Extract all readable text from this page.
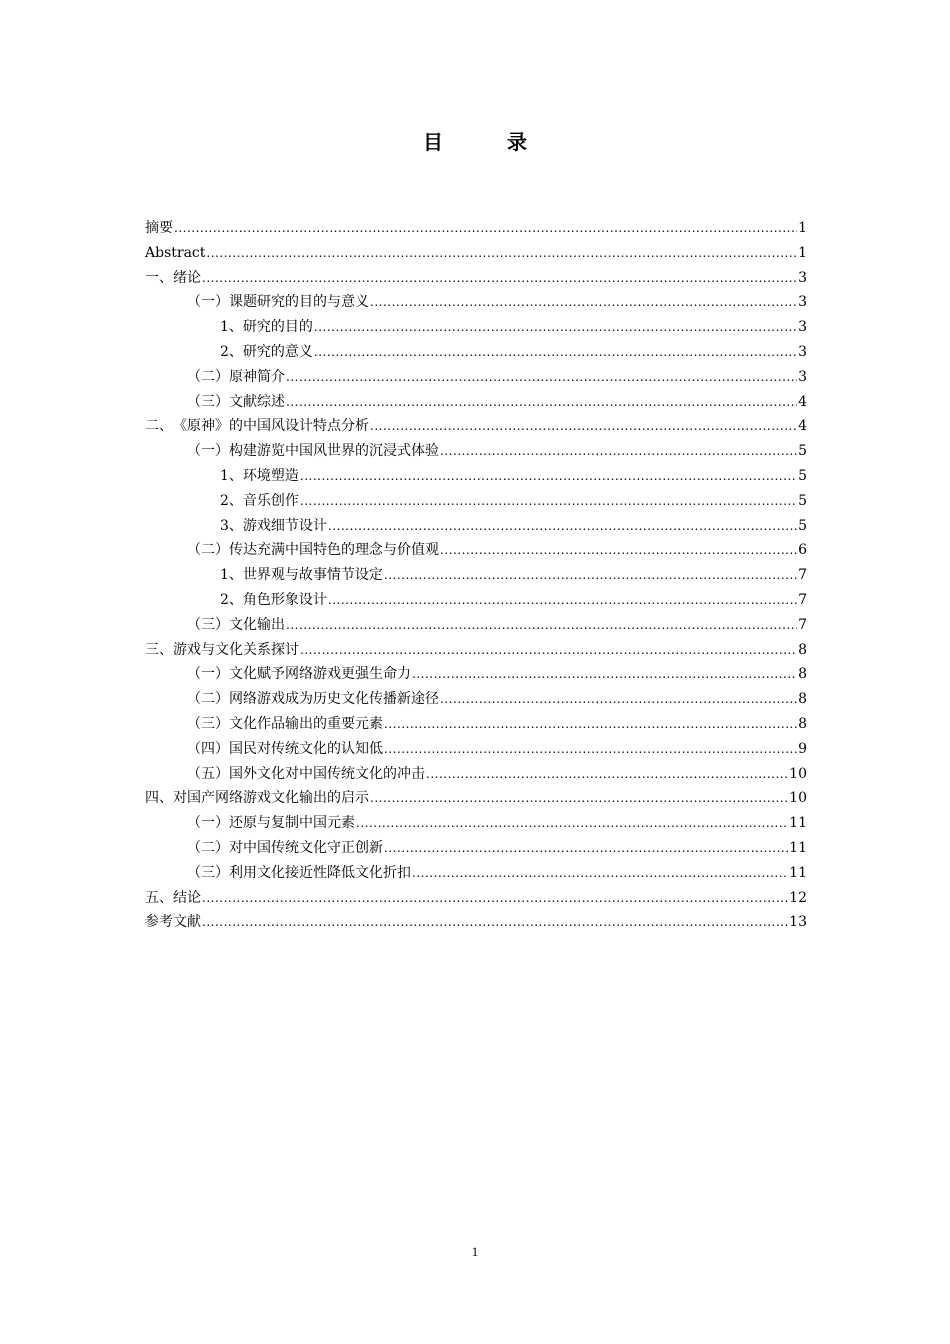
目　录
摘要 .....	1
Abstract .....	1
一、 绪论 .....	3
（一） 课题研究的目的与意义 .....	3
1、 研究的目的 .....	3
2、 研究的意义 .....	3
（二） 原神简介 .....	3
（三） 文献综述 .....	4
二、 《原神》的中国风设计特点分析 .....	4
（一） 构建游览中国风世界的沉浸式体验 .....	5
1、 环境塑造 .....	5
2、 音乐创作 .....	5
3、 游戏细节设计 .....	5
（二） 传达充满中国特色的理念与价值观 .....	6
1、 世界观与故事情节设定 .....	7
2、 角色形象设计 .....	7
（三） 文化输出 .....	7
三、 游戏与文化关系探讨 .....	8
（一） 文化赋予网络游戏更强生命力 .....	8
（二） 网络游戏成为历史文化传播新途径 .....	8
（三） 文化作品输出的重要元素 .....	8
（四） 国民对传统文化的认知低 .....	9
（五） 国外文化对中国传统文化的冲击 .....	10
四、 对国产网络游戏文化输出的启示 .....	10
（一） 还原与复制中国元素 .....	11
（二） 对中国传统文化守正创新 .....	11
（三） 利用文化接近性降低文化折扣 .....	11
五、 结论 .....	12
参考文献 .....	13
1
